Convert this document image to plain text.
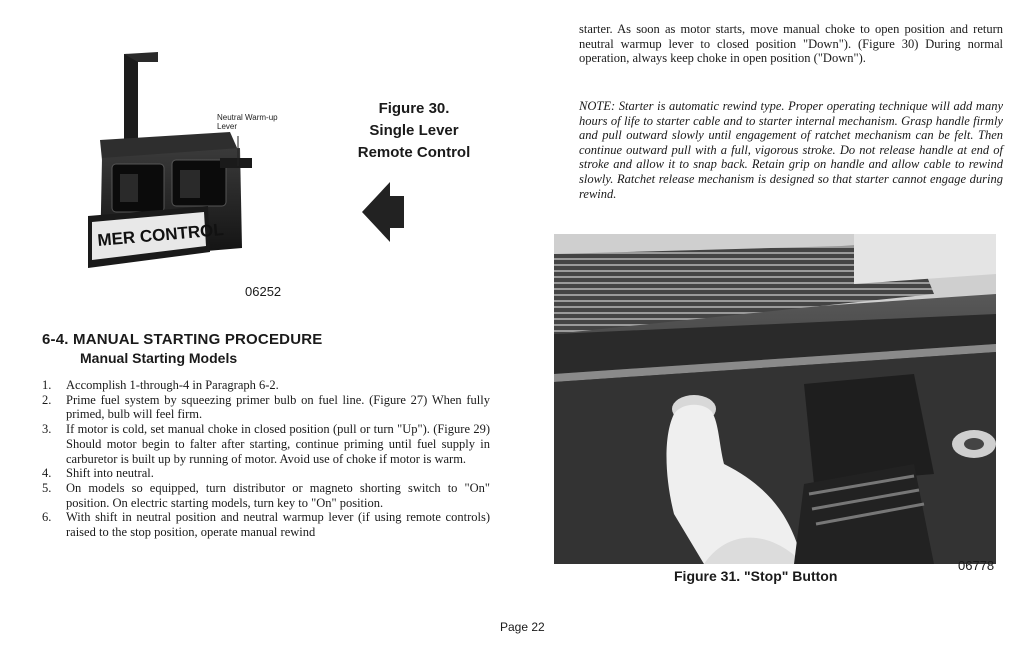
MER CONTROL
Neutral Warm-up
Lever
Figure 30.
Single Lever
Remote Control
06252
6-4. MANUAL STARTING PROCEDURE
Manual Starting Models
1.	Accomplish 1-through-4 in Paragraph 6-2.
2.	Prime fuel system by squeezing primer bulb on fuel line. (Figure 27) When fully primed, bulb will feel firm.
3.	If motor is cold, set manual choke in closed position (pull or turn "Up"). (Figure 29) Should motor begin to falter after starting, continue priming until fuel supply in carburetor is built up by running of motor. Avoid use of choke if motor is warm.
4.	Shift into neutral.
5.	On models so equipped, turn distributor or magneto shorting switch to "On" position. On electric starting models, turn key to "On" position.
6.	With shift in neutral position and neutral warmup lever (if using remote controls) raised to the stop position, operate manual rewind

starter. As soon as motor starts, move manual choke to open position and return neutral warmup lever to closed position "Down"). (Figure 30) During normal operation, always keep choke in open position ("Down").

NOTE: Starter is automatic rewind type. Proper operating technique will add many hours of life to starter cable and to starter internal mechanism. Grasp handle firmly and pull outward slowly until engagement of ratchet mechanism can be felt. Then continue outward pull with a full, vigorous stroke. Do not release handle at end of stroke and allow it to snap back. Retain grip on handle and allow cable to rewind slowly. Ratchet release mechanism is designed so that starter cannot engage during rewind.

Figure 31. "Stop" Button
06778
Page 22
